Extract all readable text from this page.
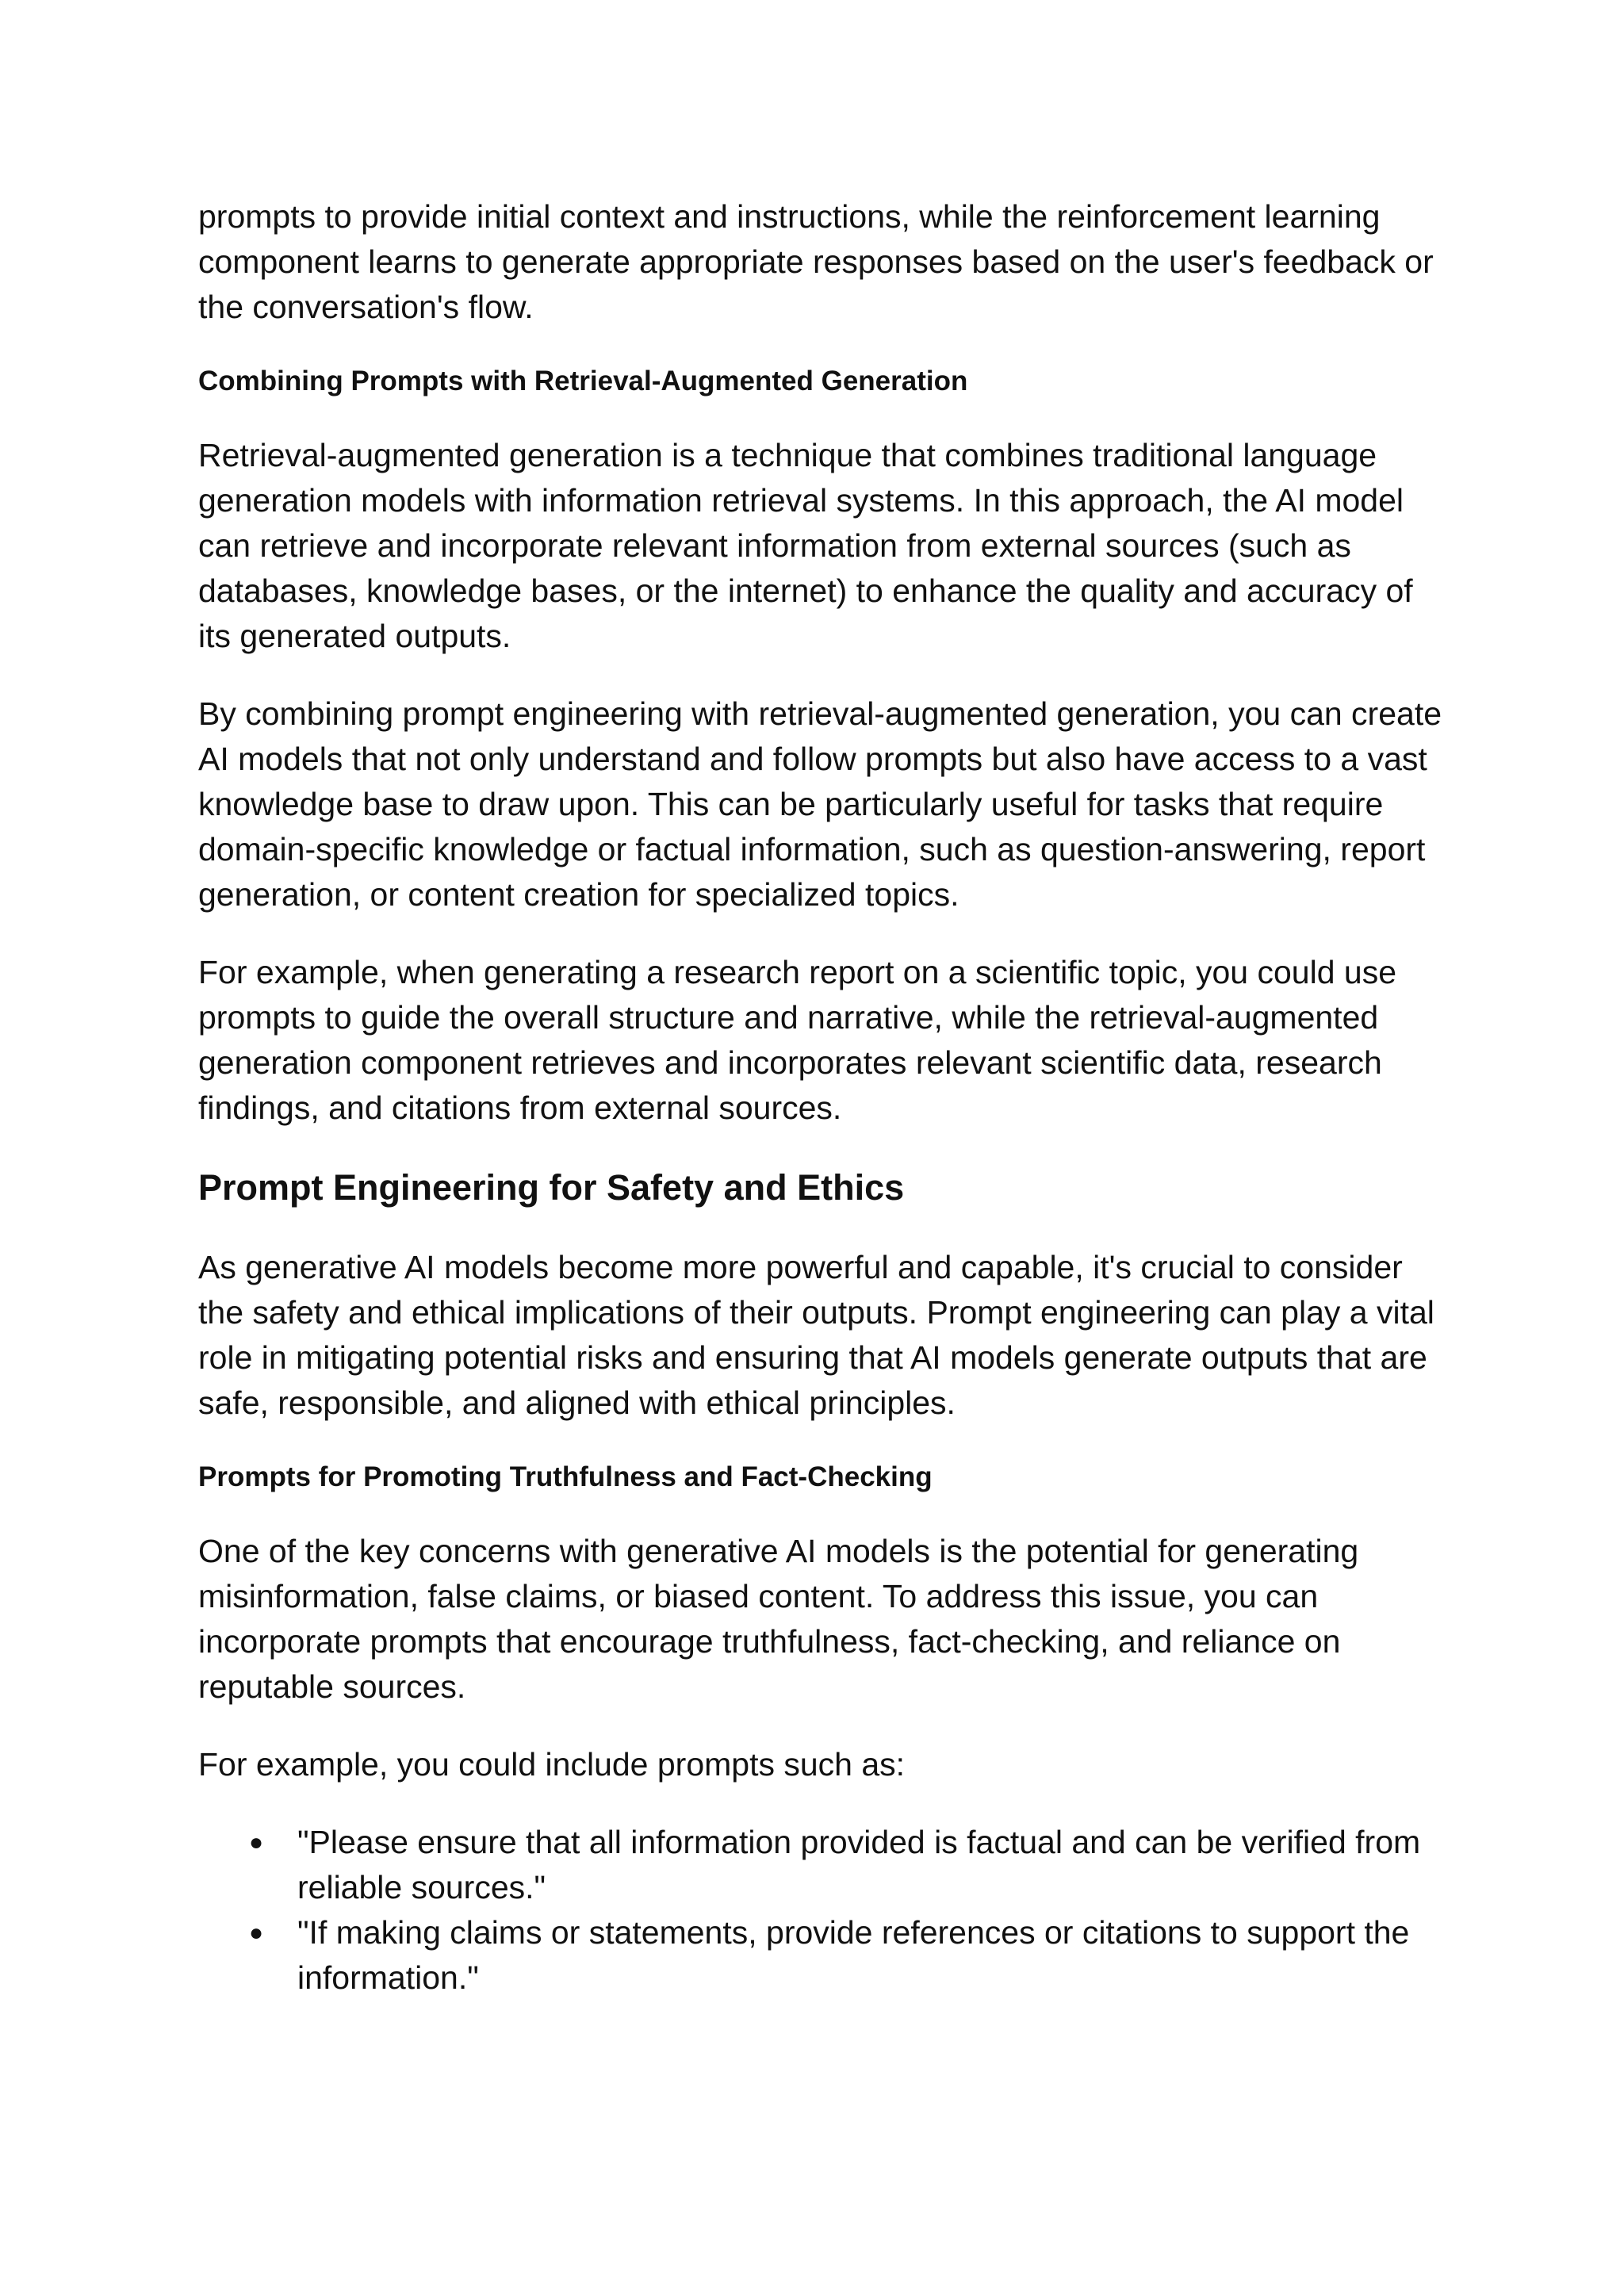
prompts to provide initial context and instructions, while the reinforcement learning component learns to generate appropriate responses based on the user's feedback or the conversation's flow.

Combining Prompts with Retrieval-Augmented Generation

Retrieval-augmented generation is a technique that combines traditional language generation models with information retrieval systems. In this approach, the AI model can retrieve and incorporate relevant information from external sources (such as databases, knowledge bases, or the internet) to enhance the quality and accuracy of its generated outputs.

By combining prompt engineering with retrieval-augmented generation, you can create AI models that not only understand and follow prompts but also have access to a vast knowledge base to draw upon. This can be particularly useful for tasks that require domain-specific knowledge or factual information, such as question-answering, report generation, or content creation for specialized topics.

For example, when generating a research report on a scientific topic, you could use prompts to guide the overall structure and narrative, while the retrieval-augmented generation component retrieves and incorporates relevant scientific data, research findings, and citations from external sources.

Prompt Engineering for Safety and Ethics

As generative AI models become more powerful and capable, it's crucial to consider the safety and ethical implications of their outputs. Prompt engineering can play a vital role in mitigating potential risks and ensuring that AI models generate outputs that are safe, responsible, and aligned with ethical principles.

Prompts for Promoting Truthfulness and Fact-Checking

One of the key concerns with generative AI models is the potential for generating misinformation, false claims, or biased content. To address this issue, you can incorporate prompts that encourage truthfulness, fact-checking, and reliance on reputable sources.

For example, you could include prompts such as:

● "Please ensure that all information provided is factual and can be verified from reliable sources."
● "If making claims or statements, provide references or citations to support the information."
